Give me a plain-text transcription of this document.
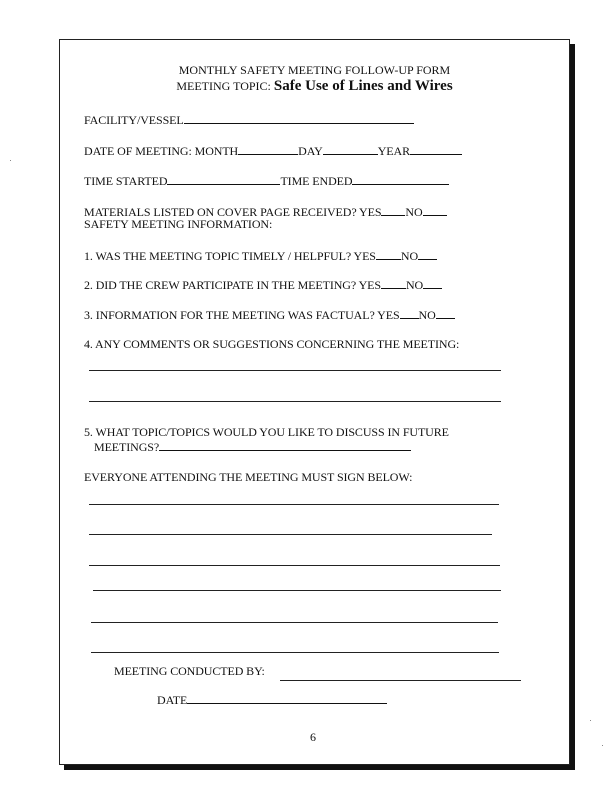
MONTHLY SAFETY MEETING FOLLOW-UP FORM
MEETING TOPIC: Safe Use of Lines and Wires
FACILITY/VESSEL
DATE OF MEETING: MONTH	DAY	YEAR
TIME STARTED	TIME ENDED
MATERIALS LISTED ON COVER PAGE RECEIVED? YES NO
SAFETY MEETING INFORMATION:
1. WAS THE MEETING TOPIC TIMELY / HELPFUL? YES NO
2. DID THE CREW PARTICIPATE IN THE MEETING? YES NO
3. INFORMATION FOR THE MEETING WAS FACTUAL? YES NO
4. ANY COMMENTS OR SUGGESTIONS CONCERNING THE MEETING:
5. WHAT TOPIC/TOPICS WOULD YOU LIKE TO DISCUSS IN FUTURE
MEETINGS?
EVERYONE ATTENDING THE MEETING MUST SIGN BELOW:
MEETING CONDUCTED BY:
DATE
6
